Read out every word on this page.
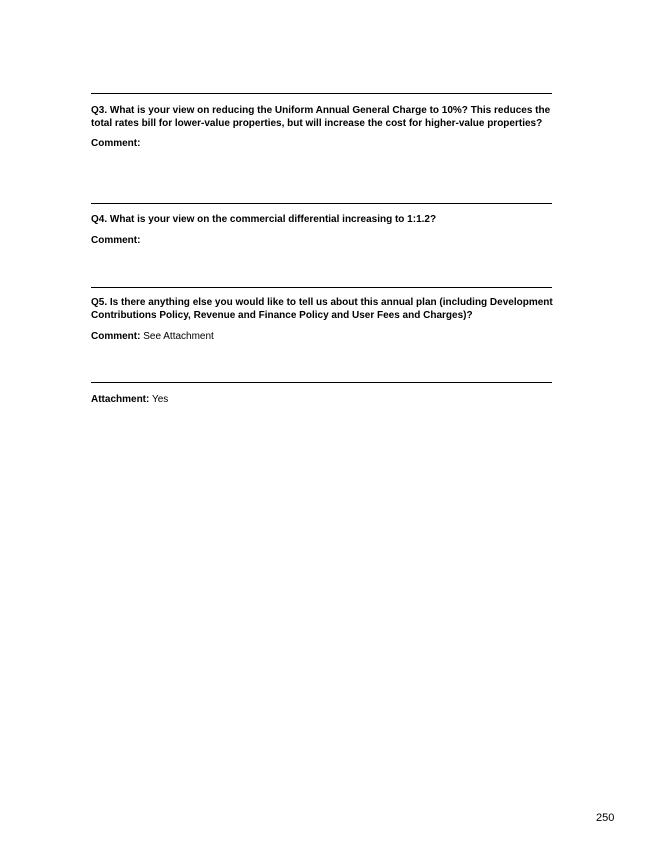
Q3. What is your view on reducing the Uniform Annual General Charge to 10%? This reduces the total rates bill for lower-value properties, but will increase the cost for higher-value properties?

Comment:

Q4. What is your view on the commercial differential increasing to 1:1.2?

Comment:

Q5. Is there anything else you would like to tell us about this annual plan (including Development Contributions Policy, Revenue and Finance Policy and User Fees and Charges)?

Comment: See Attachment

Attachment: Yes

250
